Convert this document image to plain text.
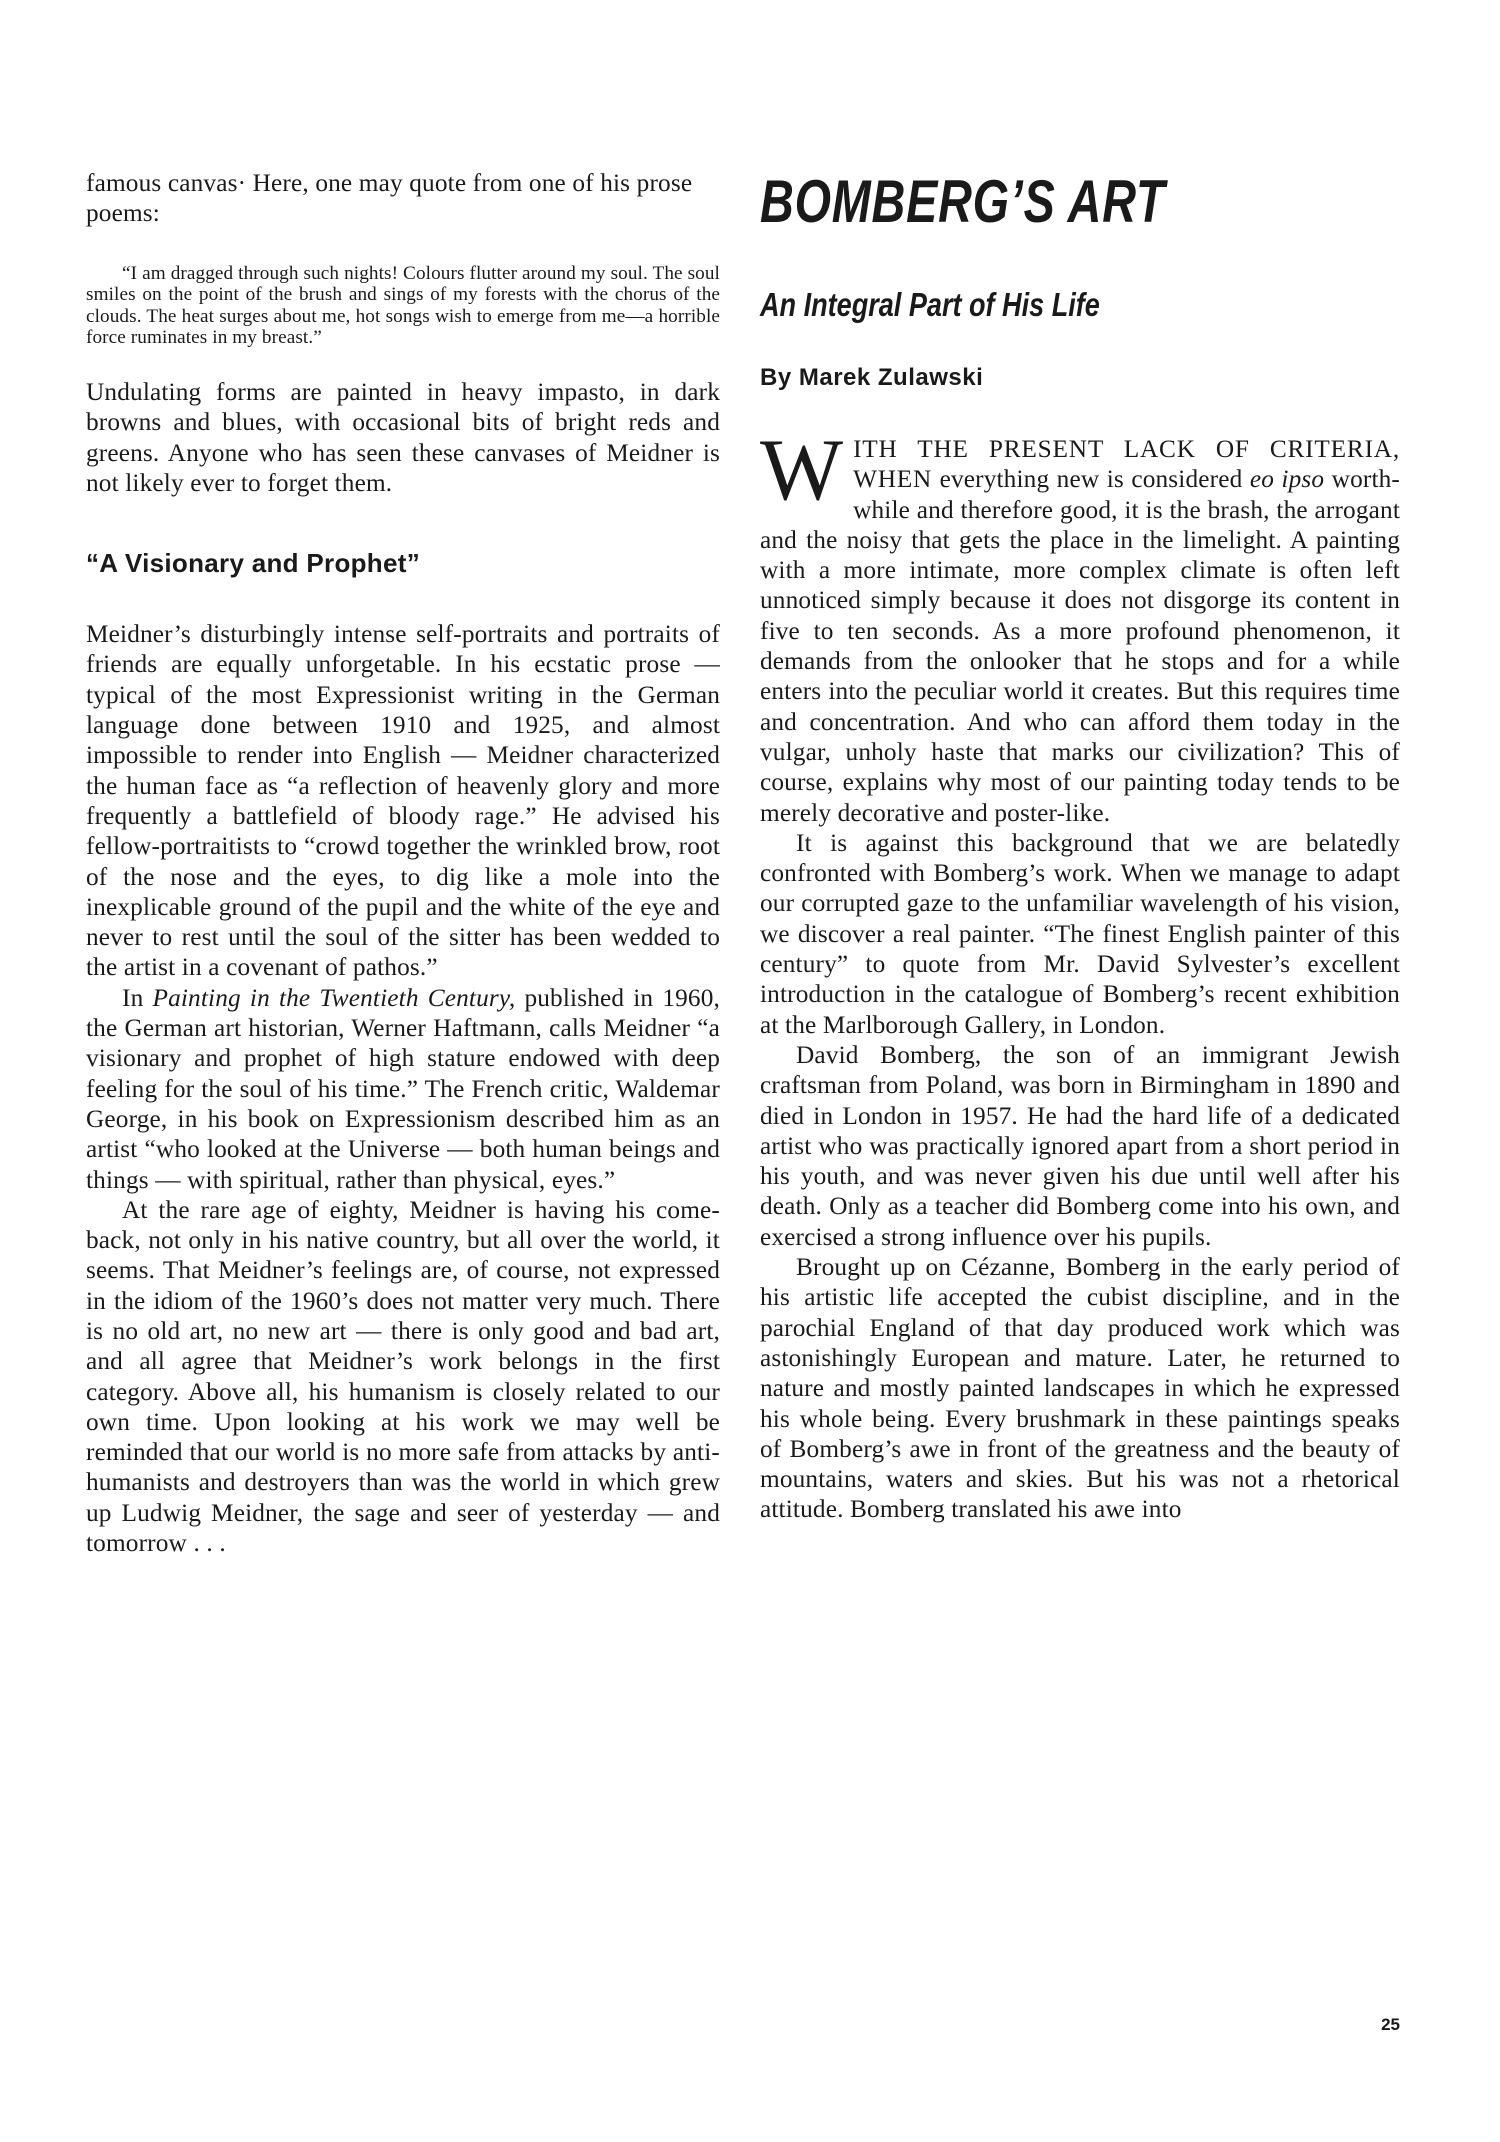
famous canvas· Here, one may quote from one of his prose poems:

“I am dragged through such nights! Colours flutter around my soul. The soul smiles on the point of the brush and sings of my forests with the chorus of the clouds. The heat surges about me, hot songs wish to emerge from me—a horrible force ruminates in my breast.”

Undulating forms are painted in heavy impasto, in dark browns and blues, with occasional bits of bright reds and greens. Anyone who has seen these canvases of Meidner is not likely ever to forget them.

“A Visionary and Prophet”

Meidner’s disturbingly intense self-portraits and portraits of friends are equally unforgetable. In his ecstatic prose — typical of the most Expressionist writing in the German language done between 1910 and 1925, and almost impossible to render into English — Meidner characterized the human face as “a reflection of heavenly glory and more frequently a battlefield of bloody rage.” He advised his fellow-portraitists to “crowd together the wrinkled brow, root of the nose and the eyes, to dig like a mole into the inexplicable ground of the pupil and the white of the eye and never to rest until the soul of the sitter has been wedded to the artist in a covenant of pathos.”

In Painting in the Twentieth Century, published in 1960, the German art historian, Werner Haftmann, calls Meidner “a visionary and prophet of high stature endowed with deep feeling for the soul of his time.” The French critic, Waldemar George, in his book on Expressionism described him as an artist “who looked at the Universe — both human beings and things — with spiritual, rather than physical, eyes.”

At the rare age of eighty, Meidner is having his come-back, not only in his native country, but all over the world, it seems. That Meidner’s feelings are, of course, not expressed in the idiom of the 1960’s does not matter very much. There is no old art, no new art — there is only good and bad art, and all agree that Meidner’s work belongs in the first category. Above all, his humanism is closely related to our own time. Upon looking at his work we may well be reminded that our world is no more safe from attacks by anti-humanists and destroyers than was the world in which grew up Ludwig Meidner, the sage and seer of yesterday — and tomorrow . . .

BOMBERG’S ART
An Integral Part of His Life
By Marek Zulawski
W ITH THE PRESENT LACK OF CRITERIA, WHEN everything new is considered eo ipso worth-while and therefore good, it is the brash, the arrogant and the noisy that gets the place in the limelight. A painting with a more intimate, more complex climate is often left unnoticed simply because it does not disgorge its content in five to ten seconds. As a more profound phenomenon, it demands from the onlooker that he stops and for a while enters into the peculiar world it creates. But this requires time and concentration. And who can afford them today in the vulgar, unholy haste that marks our civilization? This of course, explains why most of our painting today tends to be merely decorative and poster-like.

It is against this background that we are belatedly confronted with Bomberg’s work. When we manage to adapt our corrupted gaze to the unfamiliar wavelength of his vision, we discover a real painter. “The finest English painter of this century” to quote from Mr. David Sylvester’s excellent introduction in the catalogue of Bomberg’s recent exhibition at the Marlborough Gallery, in London.

David Bomberg, the son of an immigrant Jewish craftsman from Poland, was born in Birmingham in 1890 and died in London in 1957. He had the hard life of a dedicated artist who was practically ignored apart from a short period in his youth, and was never given his due until well after his death. Only as a teacher did Bomberg come into his own, and exercised a strong influence over his pupils.

Brought up on Cézanne, Bomberg in the early period of his artistic life accepted the cubist discipline, and in the parochial England of that day produced work which was astonishingly European and mature. Later, he returned to nature and mostly painted landscapes in which he expressed his whole being. Every brushmark in these paintings speaks of Bomberg’s awe in front of the greatness and the beauty of mountains, waters and skies. But his was not a rhetorical attitude. Bomberg translated his awe into

25
